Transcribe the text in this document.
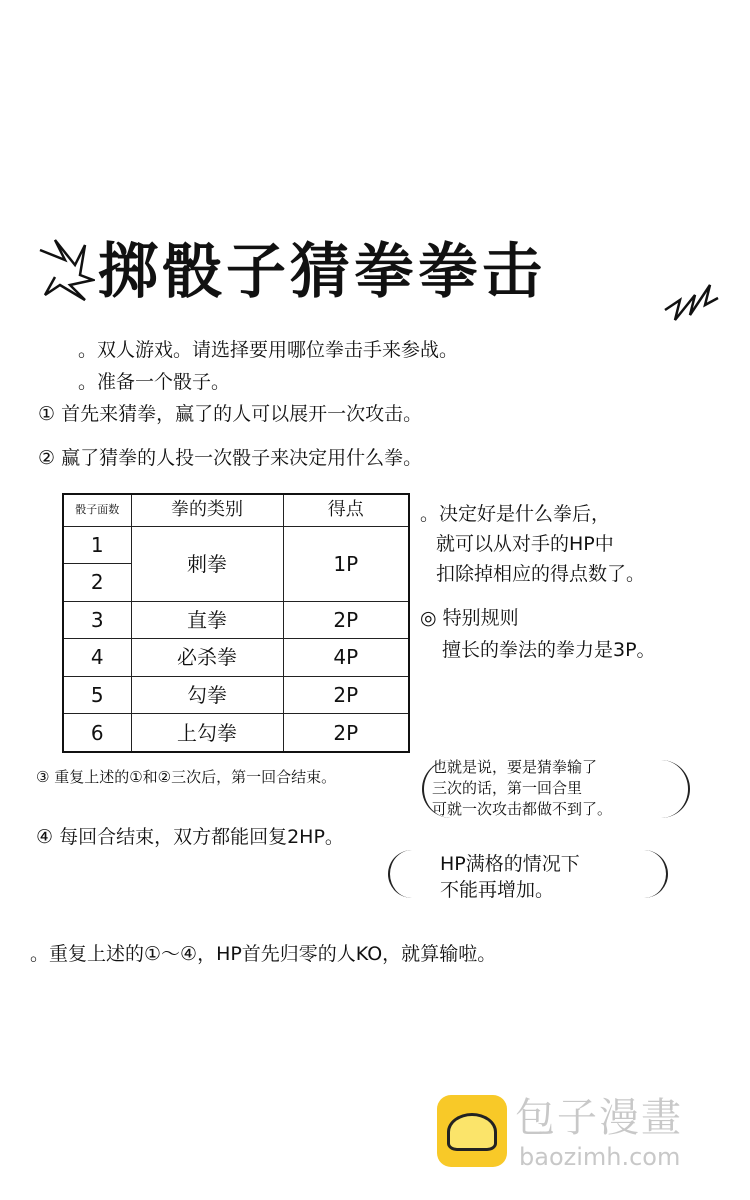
掷骰子猜拳拳击
。双人游戏。请选择要用哪位拳击手来参战。
。准备一个骰子。
① 首先来猜拳，赢了的人可以展开一次攻击。
② 赢了猜拳的人投一次骰子来决定用什么拳。
骰子面数	拳的类别	得点
1	刺拳	1P
2		
3	直拳	2P
4	必杀拳	4P
5	勾拳	2P
6	上勾拳	2P
。决定好是什么拳后，
就可以从对手的HP中
扣除掉相应的得点数了。
◎ 特别规则
擅长的拳法的拳力是3P。
③ 重复上述的①和②三次后，第一回合结束。
也就是说，要是猜拳输了
三次的话，第一回合里
可就一次攻击都做不到了。
④ 每回合结束，双方都能回复2HP。
HP满格的情况下
不能再增加。
。重复上述的①～④，HP首先归零的人KO，就算输啦。
包子漫畫
baozimh.com
